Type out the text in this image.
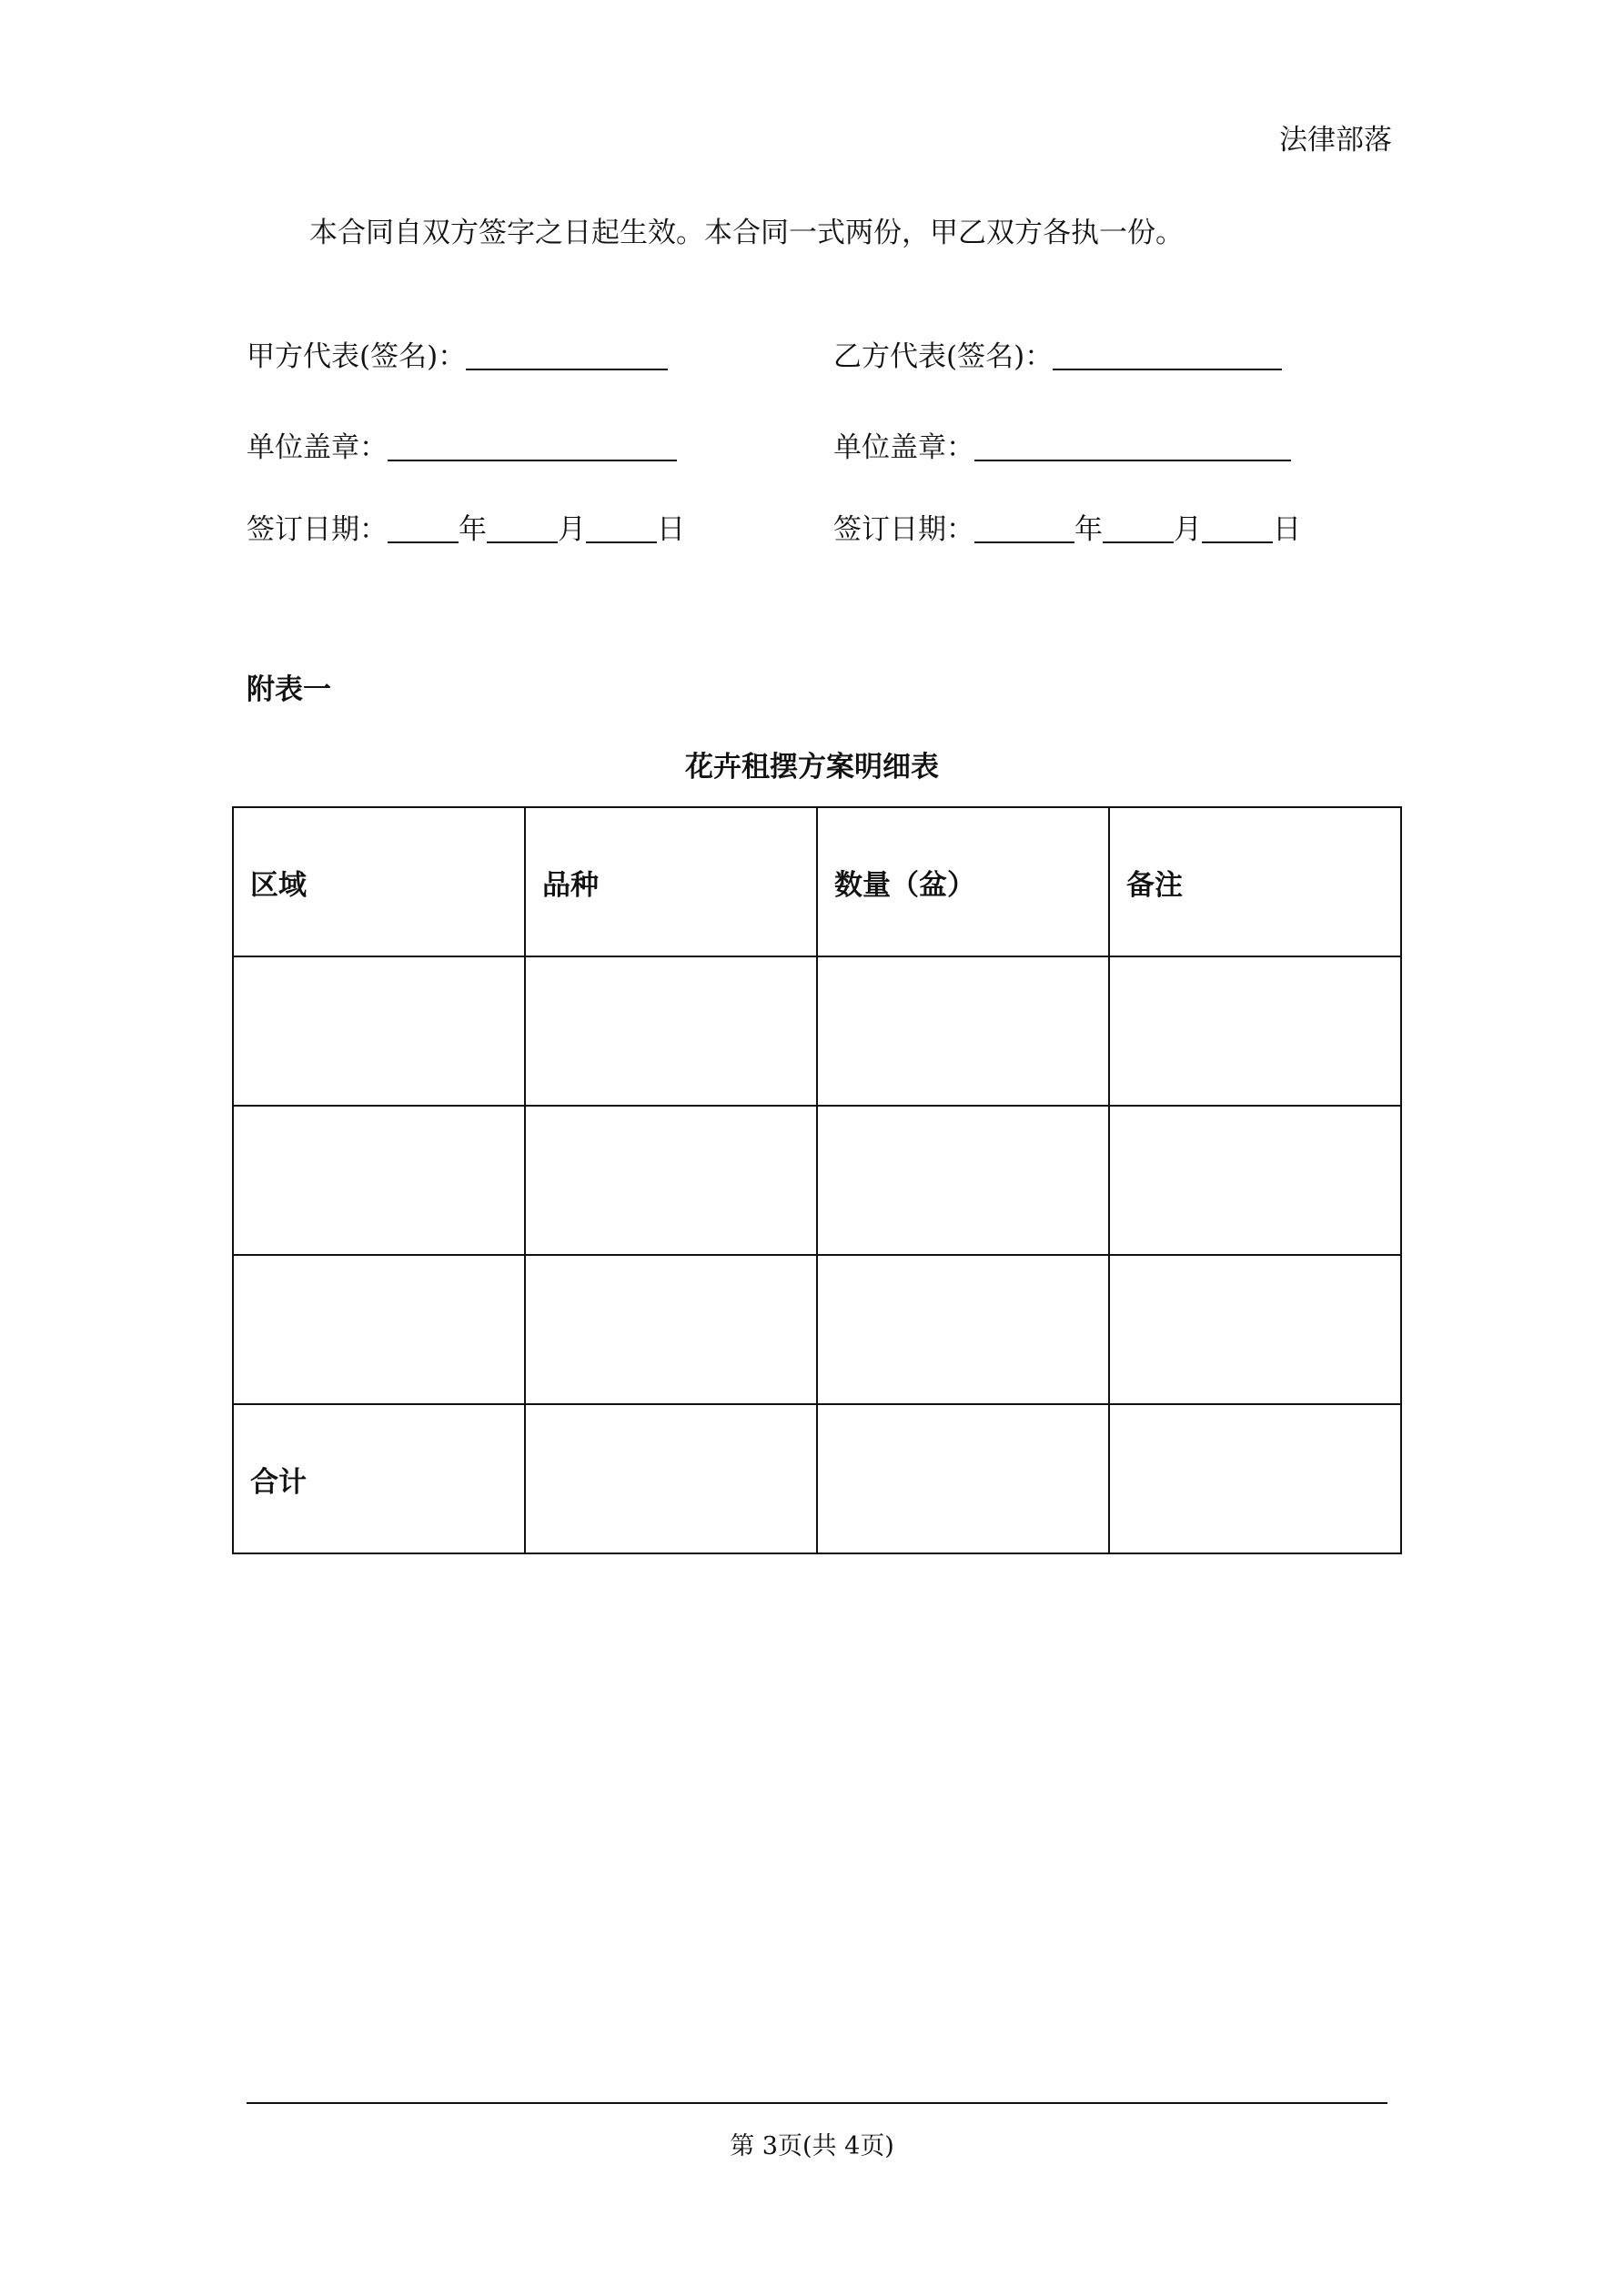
法律部落
本合同自双方签字之日起生效。本合同一式两份，甲乙双方各执一份。
甲方代表(签名)：
单位盖章：
签订日期：	年	月	日
乙方代表(签名)：
单位盖章：
签订日期：	年	月	日
附表一
花卉租摆方案明细表
区域	品种	数量（盆）	备注

合计			
第 3页(共 4页)
